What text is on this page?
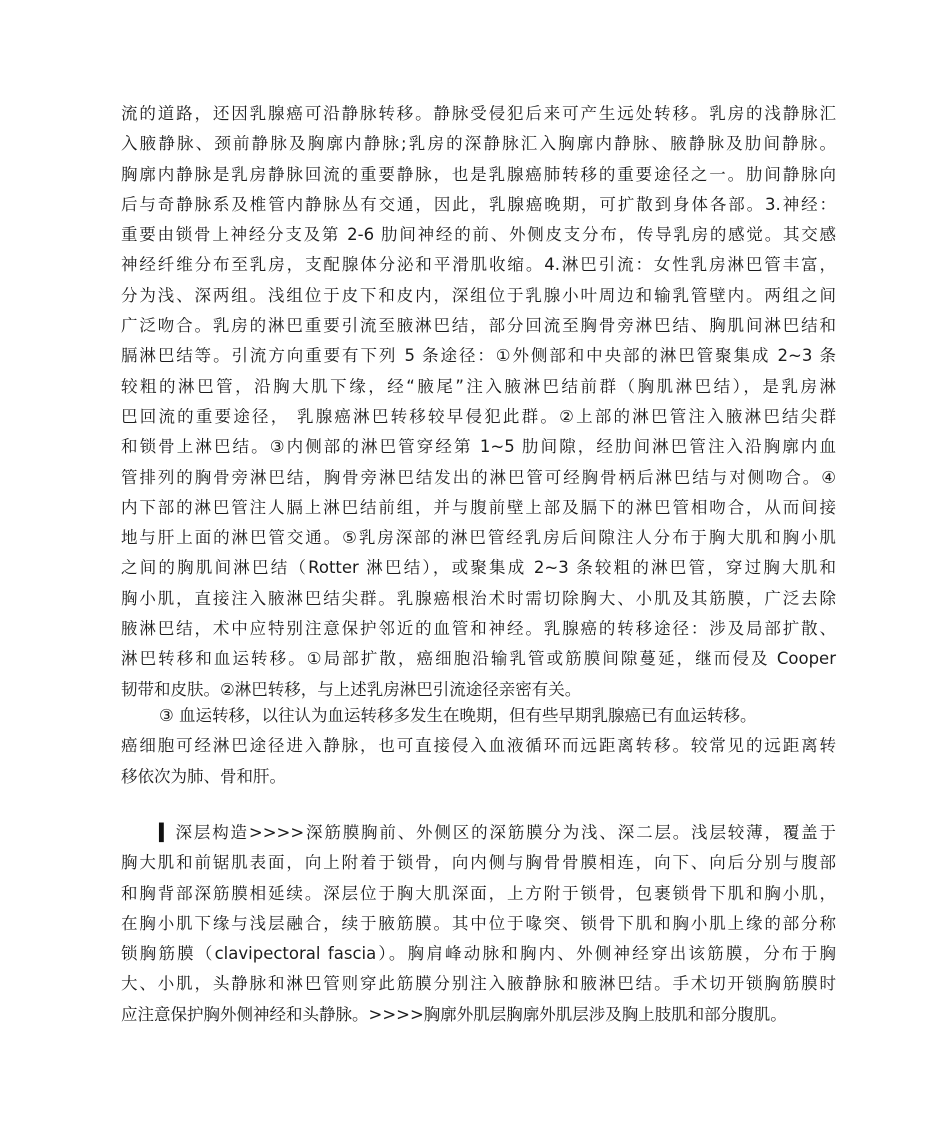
流的道路，还因乳腺癌可沿静脉转移。静脉受侵犯后来可产生远处转移。乳房的浅静脉汇
入腋静脉、颈前静脉及胸廓内静脉;乳房的深静脉汇入胸廓内静脉、腋静脉及肋间静脉。
胸廓内静脉是乳房静脉回流的重要静脉，也是乳腺癌肺转移的重要途径之一。肋间静脉向
后与奇静脉系及椎管内静脉丛有交通，因此，乳腺癌晚期，可扩散到身体各部。3.神经：
重要由锁骨上神经分支及第 2-6 肋间神经的前、外侧皮支分布，传导乳房的感觉。其交感
神经纤维分布至乳房，支配腺体分泌和平滑肌收缩。4.淋巴引流：女性乳房淋巴管丰富，
分为浅、深两组。浅组位于皮下和皮内，深组位于乳腺小叶周边和输乳管壁内。两组之间
广泛吻合。乳房的淋巴重要引流至腋淋巴结，部分回流至胸骨旁淋巴结、胸肌间淋巴结和
膈淋巴结等。引流方向重要有下列 5 条途径：①外侧部和中央部的淋巴管聚集成 2~3 条
较粗的淋巴管，沿胸大肌下缘，经“腋尾”注入腋淋巴结前群（胸肌淋巴结），是乳房淋
巴回流的重要途径， 乳腺癌淋巴转移较早侵犯此群。②上部的淋巴管注入腋淋巴结尖群
和锁骨上淋巴结。③内侧部的淋巴管穿经第 1~5 肋间隙，经肋间淋巴管注入沿胸廓内血
管排列的胸骨旁淋巴结，胸骨旁淋巴结发出的淋巴管可经胸骨柄后淋巴结与对侧吻合。④
内下部的淋巴管注人膈上淋巴结前组，并与腹前壁上部及膈下的淋巴管相吻合，从而间接
地与肝上面的淋巴管交通。⑤乳房深部的淋巴管经乳房后间隙注人分布于胸大肌和胸小肌
之间的胸肌间淋巴结（Rotter 淋巴结），或聚集成 2~3 条较粗的淋巴管，穿过胸大肌和
胸小肌，直接注入腋淋巴结尖群。乳腺癌根治术时需切除胸大、小肌及其筋膜，广泛去除
腋淋巴结，术中应特别注意保护邻近的血管和神经。乳腺癌的转移途径：涉及局部扩散、
淋巴转移和血运转移。①局部扩散，癌细胞沿输乳管或筋膜间隙蔓延，继而侵及 Cooper
韧带和皮肤。②淋巴转移，与上述乳房淋巴引流途径亲密有关。
③ 血运转移，以往认为血运转移多发生在晚期，但有些早期乳腺癌已有血运转移。
癌细胞可经淋巴途径进入静脉，也可直接侵入血液循环而远距离转移。较常见的远距离转
移依次为肺、骨和肝。
▍ 深层构造>>>>深筋膜胸前、外侧区的深筋膜分为浅、深二层。浅层较薄，覆盖于
胸大肌和前锯肌表面，向上附着于锁骨，向内侧与胸骨骨膜相连，向下、向后分别与腹部
和胸背部深筋膜相延续。深层位于胸大肌深面，上方附于锁骨，包裹锁骨下肌和胸小肌，
在胸小肌下缘与浅层融合，续于腋筋膜。其中位于喙突、锁骨下肌和胸小肌上缘的部分称
锁胸筋膜（clavipectoral fascia）。胸肩峰动脉和胸内、外侧神经穿出该筋膜，分布于胸
大、小肌，头静脉和淋巴管则穿此筋膜分别注入腋静脉和腋淋巴结。手术切开锁胸筋膜时
应注意保护胸外侧神经和头静脉。>>>>胸廓外肌层胸廓外肌层涉及胸上肢肌和部分腹肌。
